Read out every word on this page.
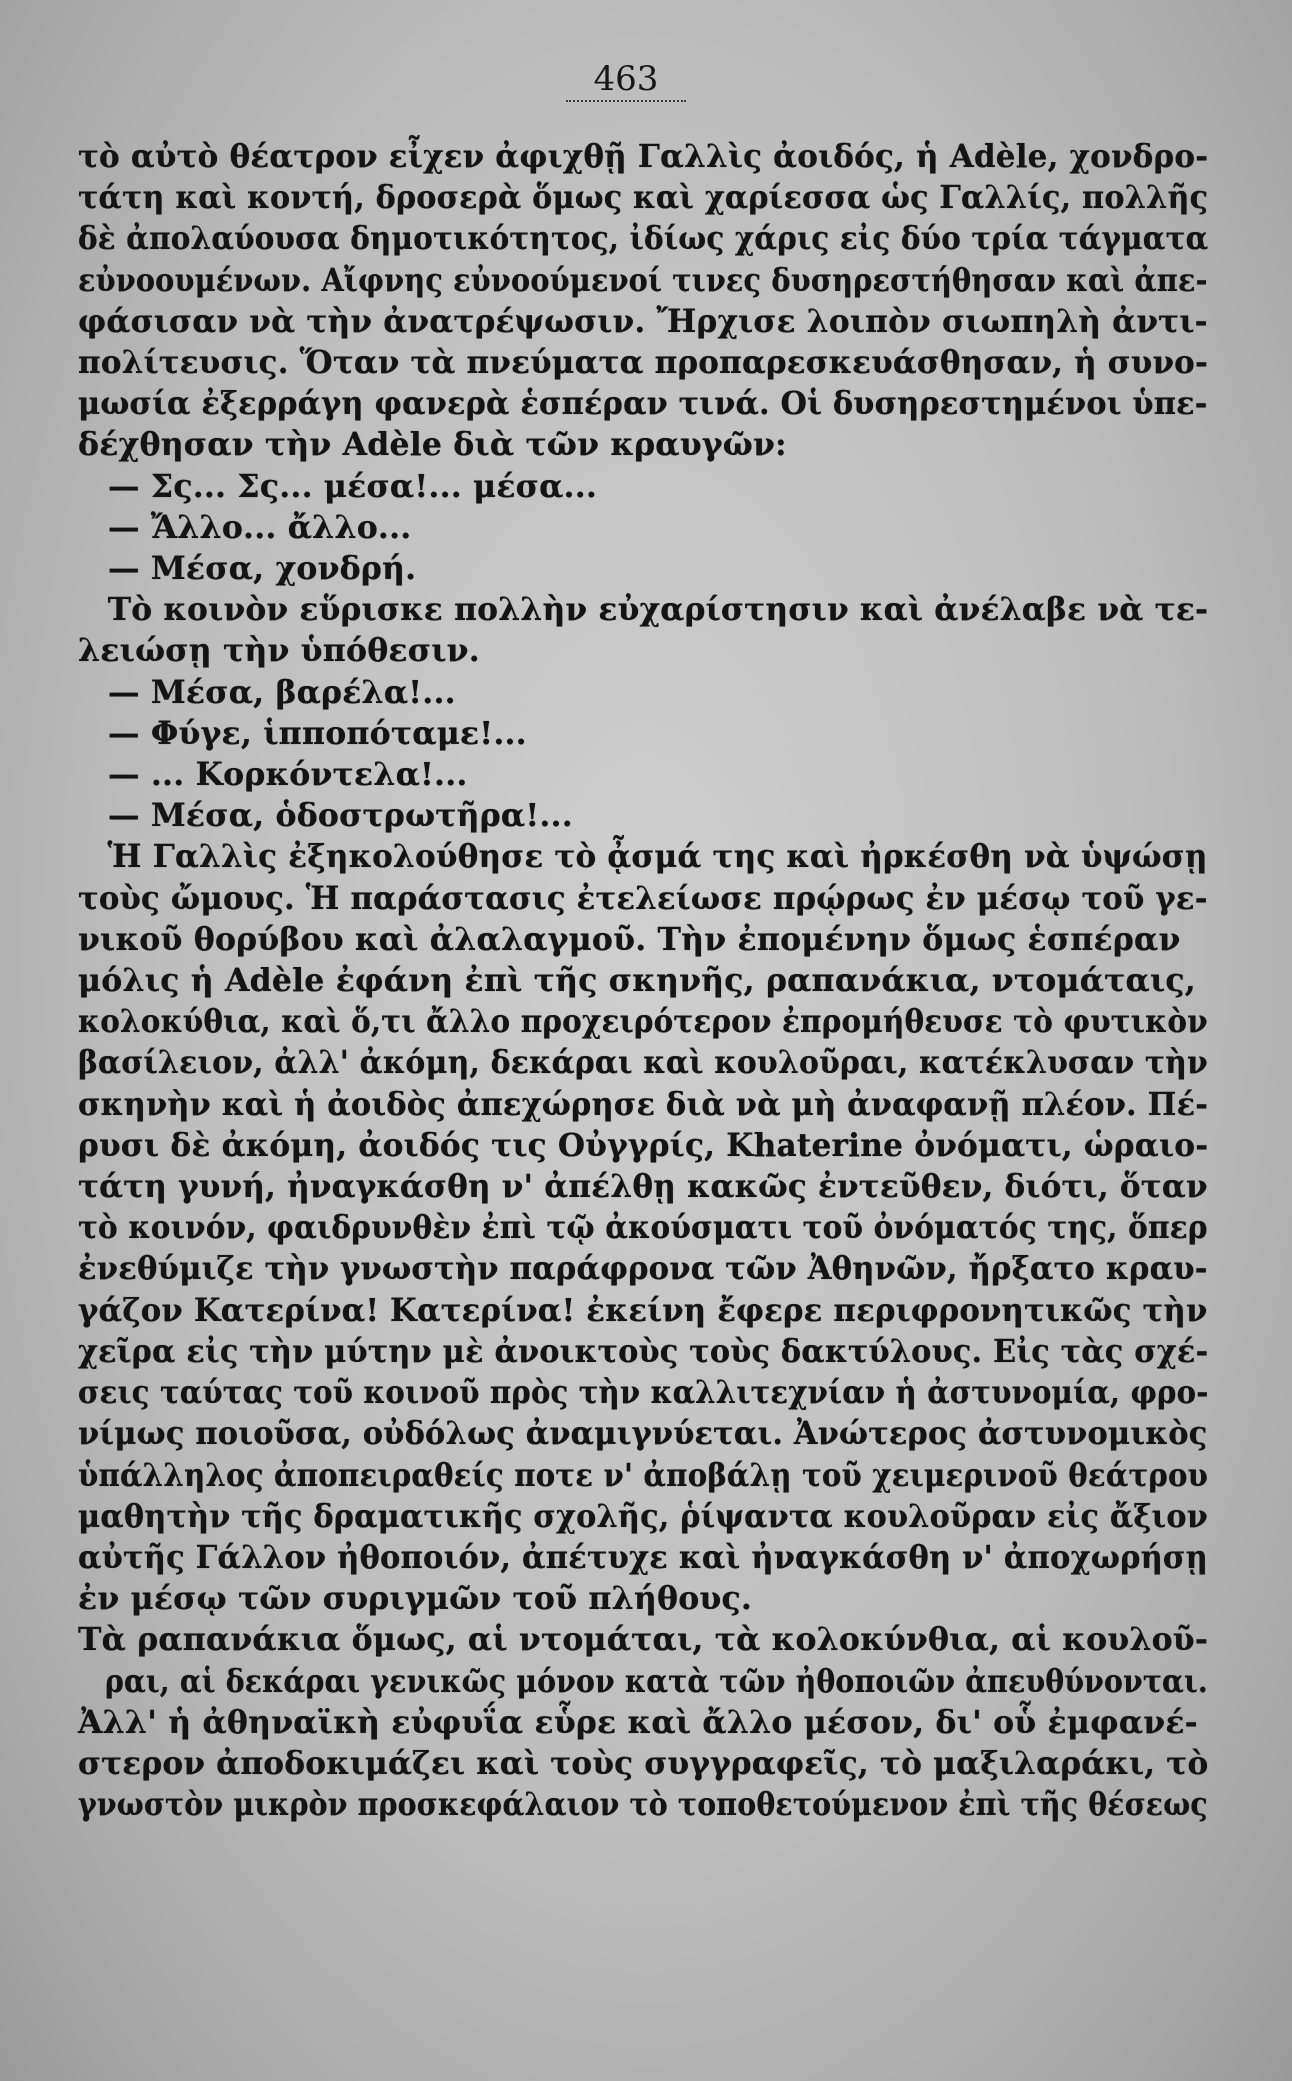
463
τὸ αὐτὸ θέατρον εἶχεν ἀφιχθῇ Γαλλὶς ἀοιδός, ἡ Adèle, χονδρο-
τάτη καὶ κοντή, δροσερὰ ὅμως καὶ χαρίεσσα ὡς Γαλλίς, πολλῆς
δὲ ἀπολαύουσα δημοτικότητος, ἰδίως χάρις εἰς δύο τρία τάγματα
εὐνοουμένων. Αἴφνης εὐνοούμενοί τινες δυσηρεστήθησαν καὶ ἀπε-
φάσισαν νὰ τὴν ἀνατρέψωσιν. Ἤρχισε λοιπὸν σιωπηλὴ ἀντι-
πολίτευσις. Ὅταν τὰ πνεύματα προπαρεσκευάσθησαν, ἡ συνο-
μωσία ἐξερράγη φανερὰ ἑσπέραν τινά. Οἱ δυσηρεστημένοι ὑπε-
δέχθησαν τὴν Adèle διὰ τῶν κραυγῶν:
— Σς... Σς... μέσα!... μέσα...
— Ἄλλο... ἄλλο...
— Μέσα, χονδρή.
Τὸ κοινὸν εὕρισκε πολλὴν εὐχαρίστησιν καὶ ἀνέλαβε νὰ τε-
λειώσῃ τὴν ὑπόθεσιν.
— Μέσα, βαρέλα!...
— Φύγε, ἱπποπόταμε!...
— ... Κορκόντελα!...
— Μέσα, ὁδοστρωτῆρα!...
Ἡ Γαλλὶς ἐξηκολούθησε τὸ ᾆσμά της καὶ ἠρκέσθη νὰ ὑψώσῃ
τοὺς ὤμους. Ἡ παράστασις ἐτελείωσε πρῴρως ἐν μέσῳ τοῦ γε-
νικοῦ θορύβου καὶ ἀλαλαγμοῦ. Τὴν ἐπομένην ὅμως ἑσπέραν
μόλις ἡ Adèle ἐφάνη ἐπὶ τῆς σκηνῆς, ραπανάκια, ντομάταις,
κολοκύθια, καὶ ὅ,τι ἄλλο προχειρότερον ἐπρομήθευσε τὸ φυτικὸν
βασίλειον, ἀλλ' ἀκόμη, δεκάραι καὶ κουλοῦραι, κατέκλυσαν τὴν
σκηνὴν καὶ ἡ ἀοιδὸς ἀπεχώρησε διὰ νὰ μὴ ἀναφανῇ πλέον. Πέ-
ρυσι δὲ ἀκόμη, ἀοιδός τις Οὐγγρίς, Khaterine ὀνόματι, ὡραιο-
τάτη γυνή, ἠναγκάσθη ν' ἀπέλθῃ κακῶς ἐντεῦθεν, διότι, ὅταν
τὸ κοινόν, φαιδρυνθὲν ἐπὶ τῷ ἀκούσματι τοῦ ὀνόματός της, ὅπερ
ἐνεθύμιζε τὴν γνωστὴν παράφρονα τῶν Ἀθηνῶν, ἤρξατο κραυ-
γάζον Κατερίνα! Κατερίνα! ἐκείνη ἔφερε περιφρονητικῶς τὴν
χεῖρα εἰς τὴν μύτην μὲ ἀνοικτοὺς τοὺς δακτύλους. Εἰς τὰς σχέ-
σεις ταύτας τοῦ κοινοῦ πρὸς τὴν καλλιτεχνίαν ἡ ἀστυνομία, φρο-
νίμως ποιοῦσα, οὐδόλως ἀναμιγνύεται. Ἀνώτερος ἀστυνομικὸς
ὑπάλληλος ἀποπειραθείς ποτε ν' ἀποβάλῃ τοῦ χειμερινοῦ θεάτρου
μαθητὴν τῆς δραματικῆς σχολῆς, ῥίψαντα κουλοῦραν εἰς ἄξιον
αὐτῆς Γάλλον ἠθοποιόν, ἀπέτυχε καὶ ἠναγκάσθη ν' ἀποχωρήσῃ
ἐν μέσῳ τῶν συριγμῶν τοῦ πλήθους.
Τὰ ραπανάκια ὅμως, αἱ ντομάται, τὰ κολοκύνθια, αἱ κουλοῦ-
ραι, αἱ δεκάραι γενικῶς μόνον κατὰ τῶν ἠθοποιῶν ἀπευθύνονται.
Ἀλλ' ἡ ἀθηναϊκὴ εὐφυΐα εὗρε καὶ ἄλλο μέσον, δι' οὗ ἐμφανέ-
στερον ἀποδοκιμάζει καὶ τοὺς συγγραφεῖς, τὸ μαξιλαράκι, τὸ
γνωστὸν μικρὸν προσκεφάλαιον τὸ τοποθετούμενον ἐπὶ τῆς θέσεως
